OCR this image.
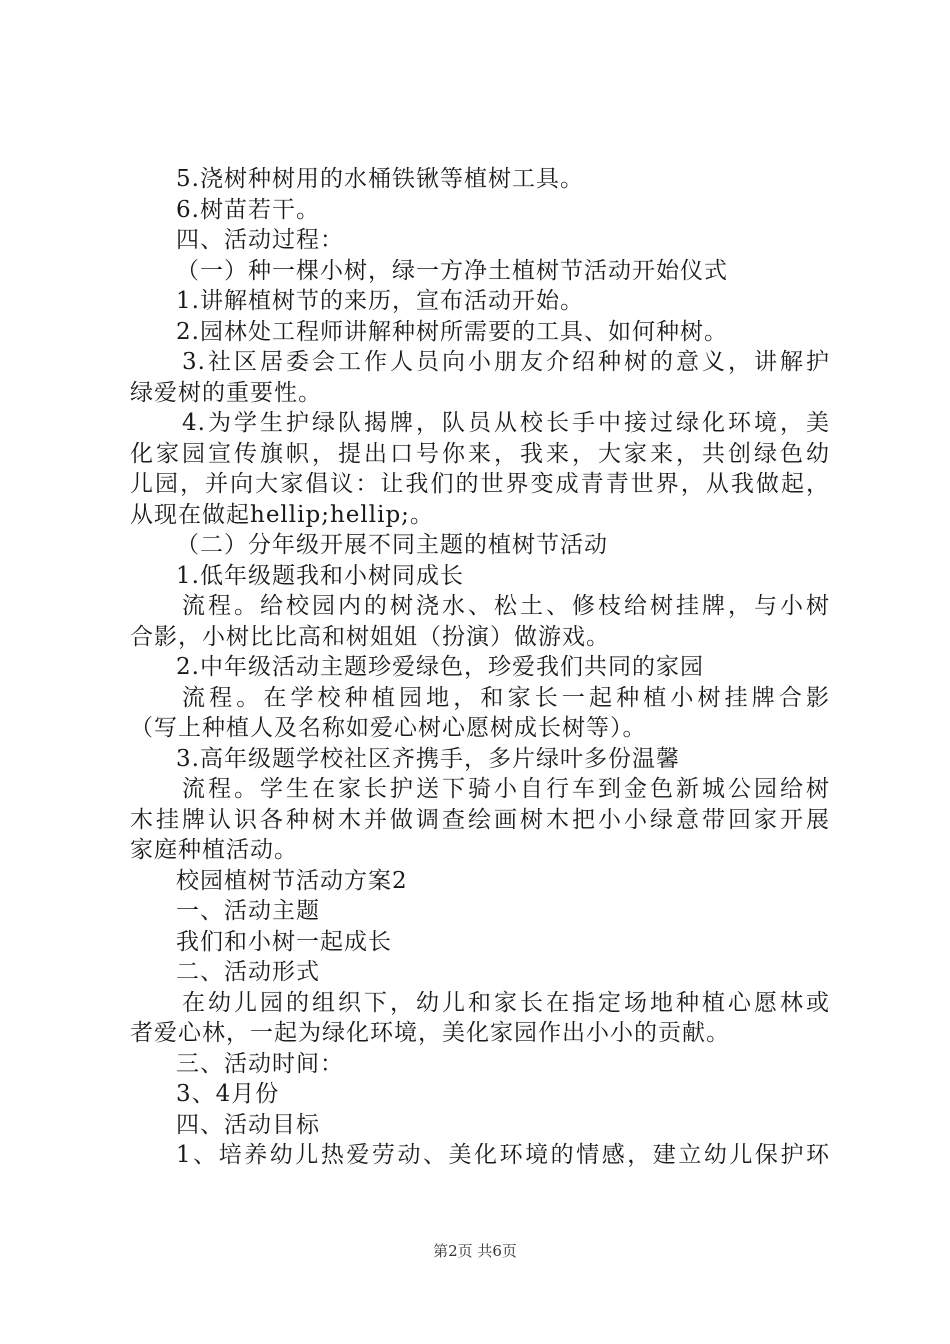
5.浇树种树用的水桶铁锹等植树工具。
6.树苗若干。
四、活动过程：
（一）种一棵小树，绿一方净土植树节活动开始仪式
1.讲解植树节的来历，宣布活动开始。
2.园林处工程师讲解种树所需要的工具、如何种树。
3.社区居委会工作人员向小朋友介绍种树的意义，讲解护
绿爱树的重要性。
4.为学生护绿队揭牌，队员从校长手中接过绿化环境，美
化家园宣传旗帜，提出口号你来，我来，大家来，共创绿色幼
儿园，并向大家倡议：让我们的世界变成青青世界，从我做起，
从现在做起hellip;hellip;。
（二）分年级开展不同主题的植树节活动
1.低年级题我和小树同成长
流程。给校园内的树浇水、松土、修枝给树挂牌，与小树
合影，小树比比高和树姐姐（扮演）做游戏。
2.中年级活动主题珍爱绿色，珍爱我们共同的家园
流程。在学校种植园地，和家长一起种植小树挂牌合影
（写上种植人及名称如爱心树心愿树成长树等）。
3.高年级题学校社区齐携手，多片绿叶多份温馨
流程。学生在家长护送下骑小自行车到金色新城公园给树
木挂牌认识各种树木并做调查绘画树木把小小绿意带回家开展
家庭种植活动。
校园植树节活动方案2
一、活动主题
我们和小树一起成长
二、活动形式
在幼儿园的组织下，幼儿和家长在指定场地种植心愿林或
者爱心林，一起为绿化环境，美化家园作出小小的贡献。
三、活动时间：
3、4月份
四、活动目标
1、培养幼儿热爱劳动、美化环境的情感，建立幼儿保护环
第2页 共6页
